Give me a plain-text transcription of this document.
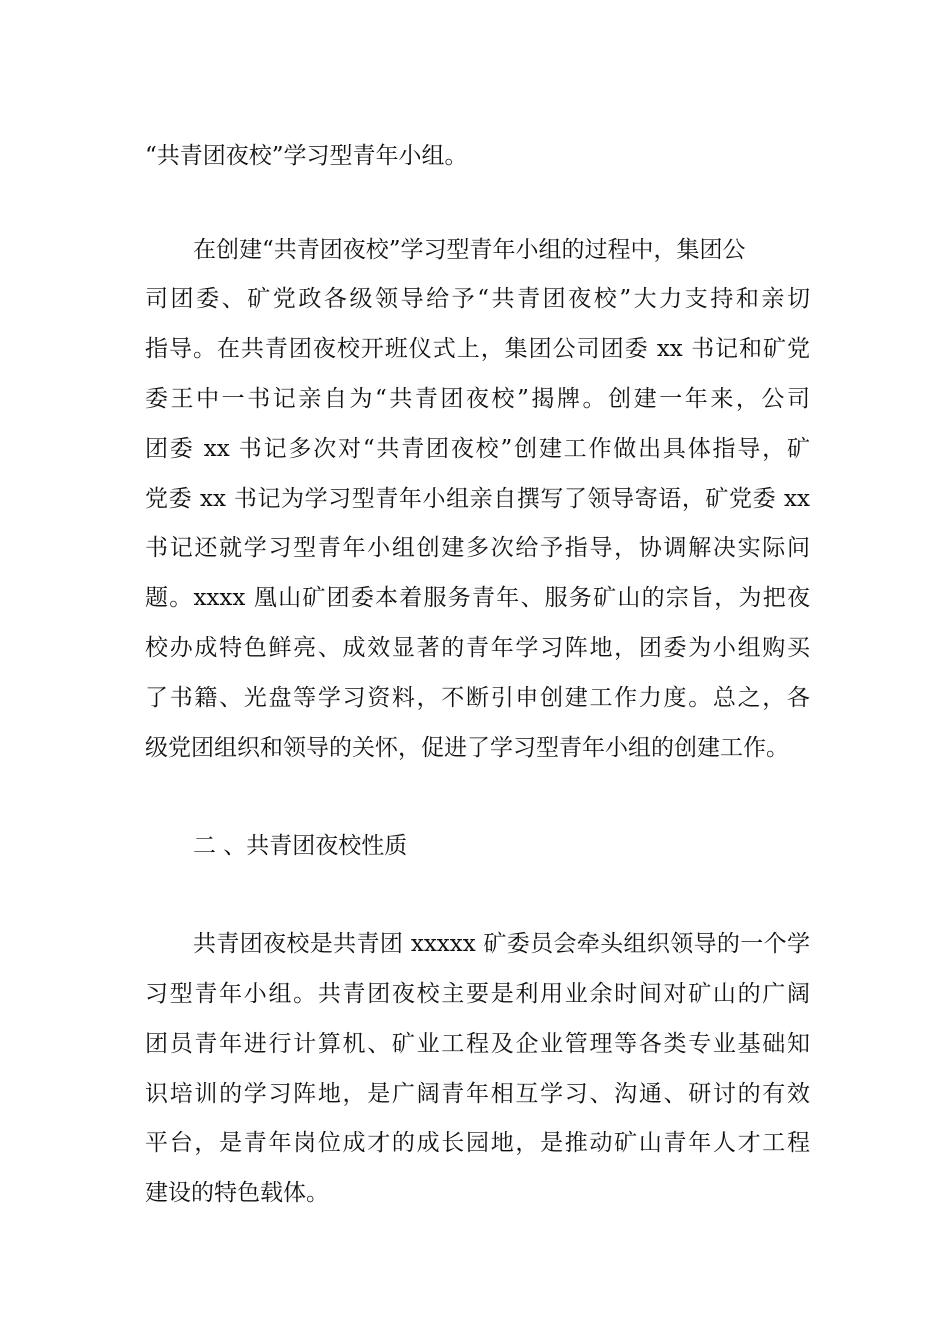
“共青团夜校”学习型青年小组。
在创建“共青团夜校”学习型青年小组的过程中，集团公
司团委、矿党政各级领导给予“共青团夜校”大力支持和亲切
指导。在共青团夜校开班仪式上，集团公司团委 xx 书记和矿党
委王中一书记亲自为“共青团夜校”揭牌。创建一年来，公司
团委 xx 书记多次对“共青团夜校”创建工作做出具体指导，矿
党委 xx 书记为学习型青年小组亲自撰写了领导寄语，矿党委 xx
书记还就学习型青年小组创建多次给予指导，协调解决实际问
题。xxxx 凰山矿团委本着服务青年、服务矿山的宗旨，为把夜
校办成特色鲜亮、成效显著的青年学习阵地，团委为小组购买
了书籍、光盘等学习资料，不断引申创建工作力度。总之，各
级党团组织和领导的关怀，促进了学习型青年小组的创建工作。
二 、共青团夜校性质
共青团夜校是共青团 xxxxx 矿委员会牵头组织领导的一个学
习型青年小组。共青团夜校主要是利用业余时间对矿山的广阔
团员青年进行计算机、矿业工程及企业管理等各类专业基础知
识培训的学习阵地，是广阔青年相互学习、沟通、研讨的有效
平台，是青年岗位成才的成长园地，是推动矿山青年人才工程
建设的特色载体。
